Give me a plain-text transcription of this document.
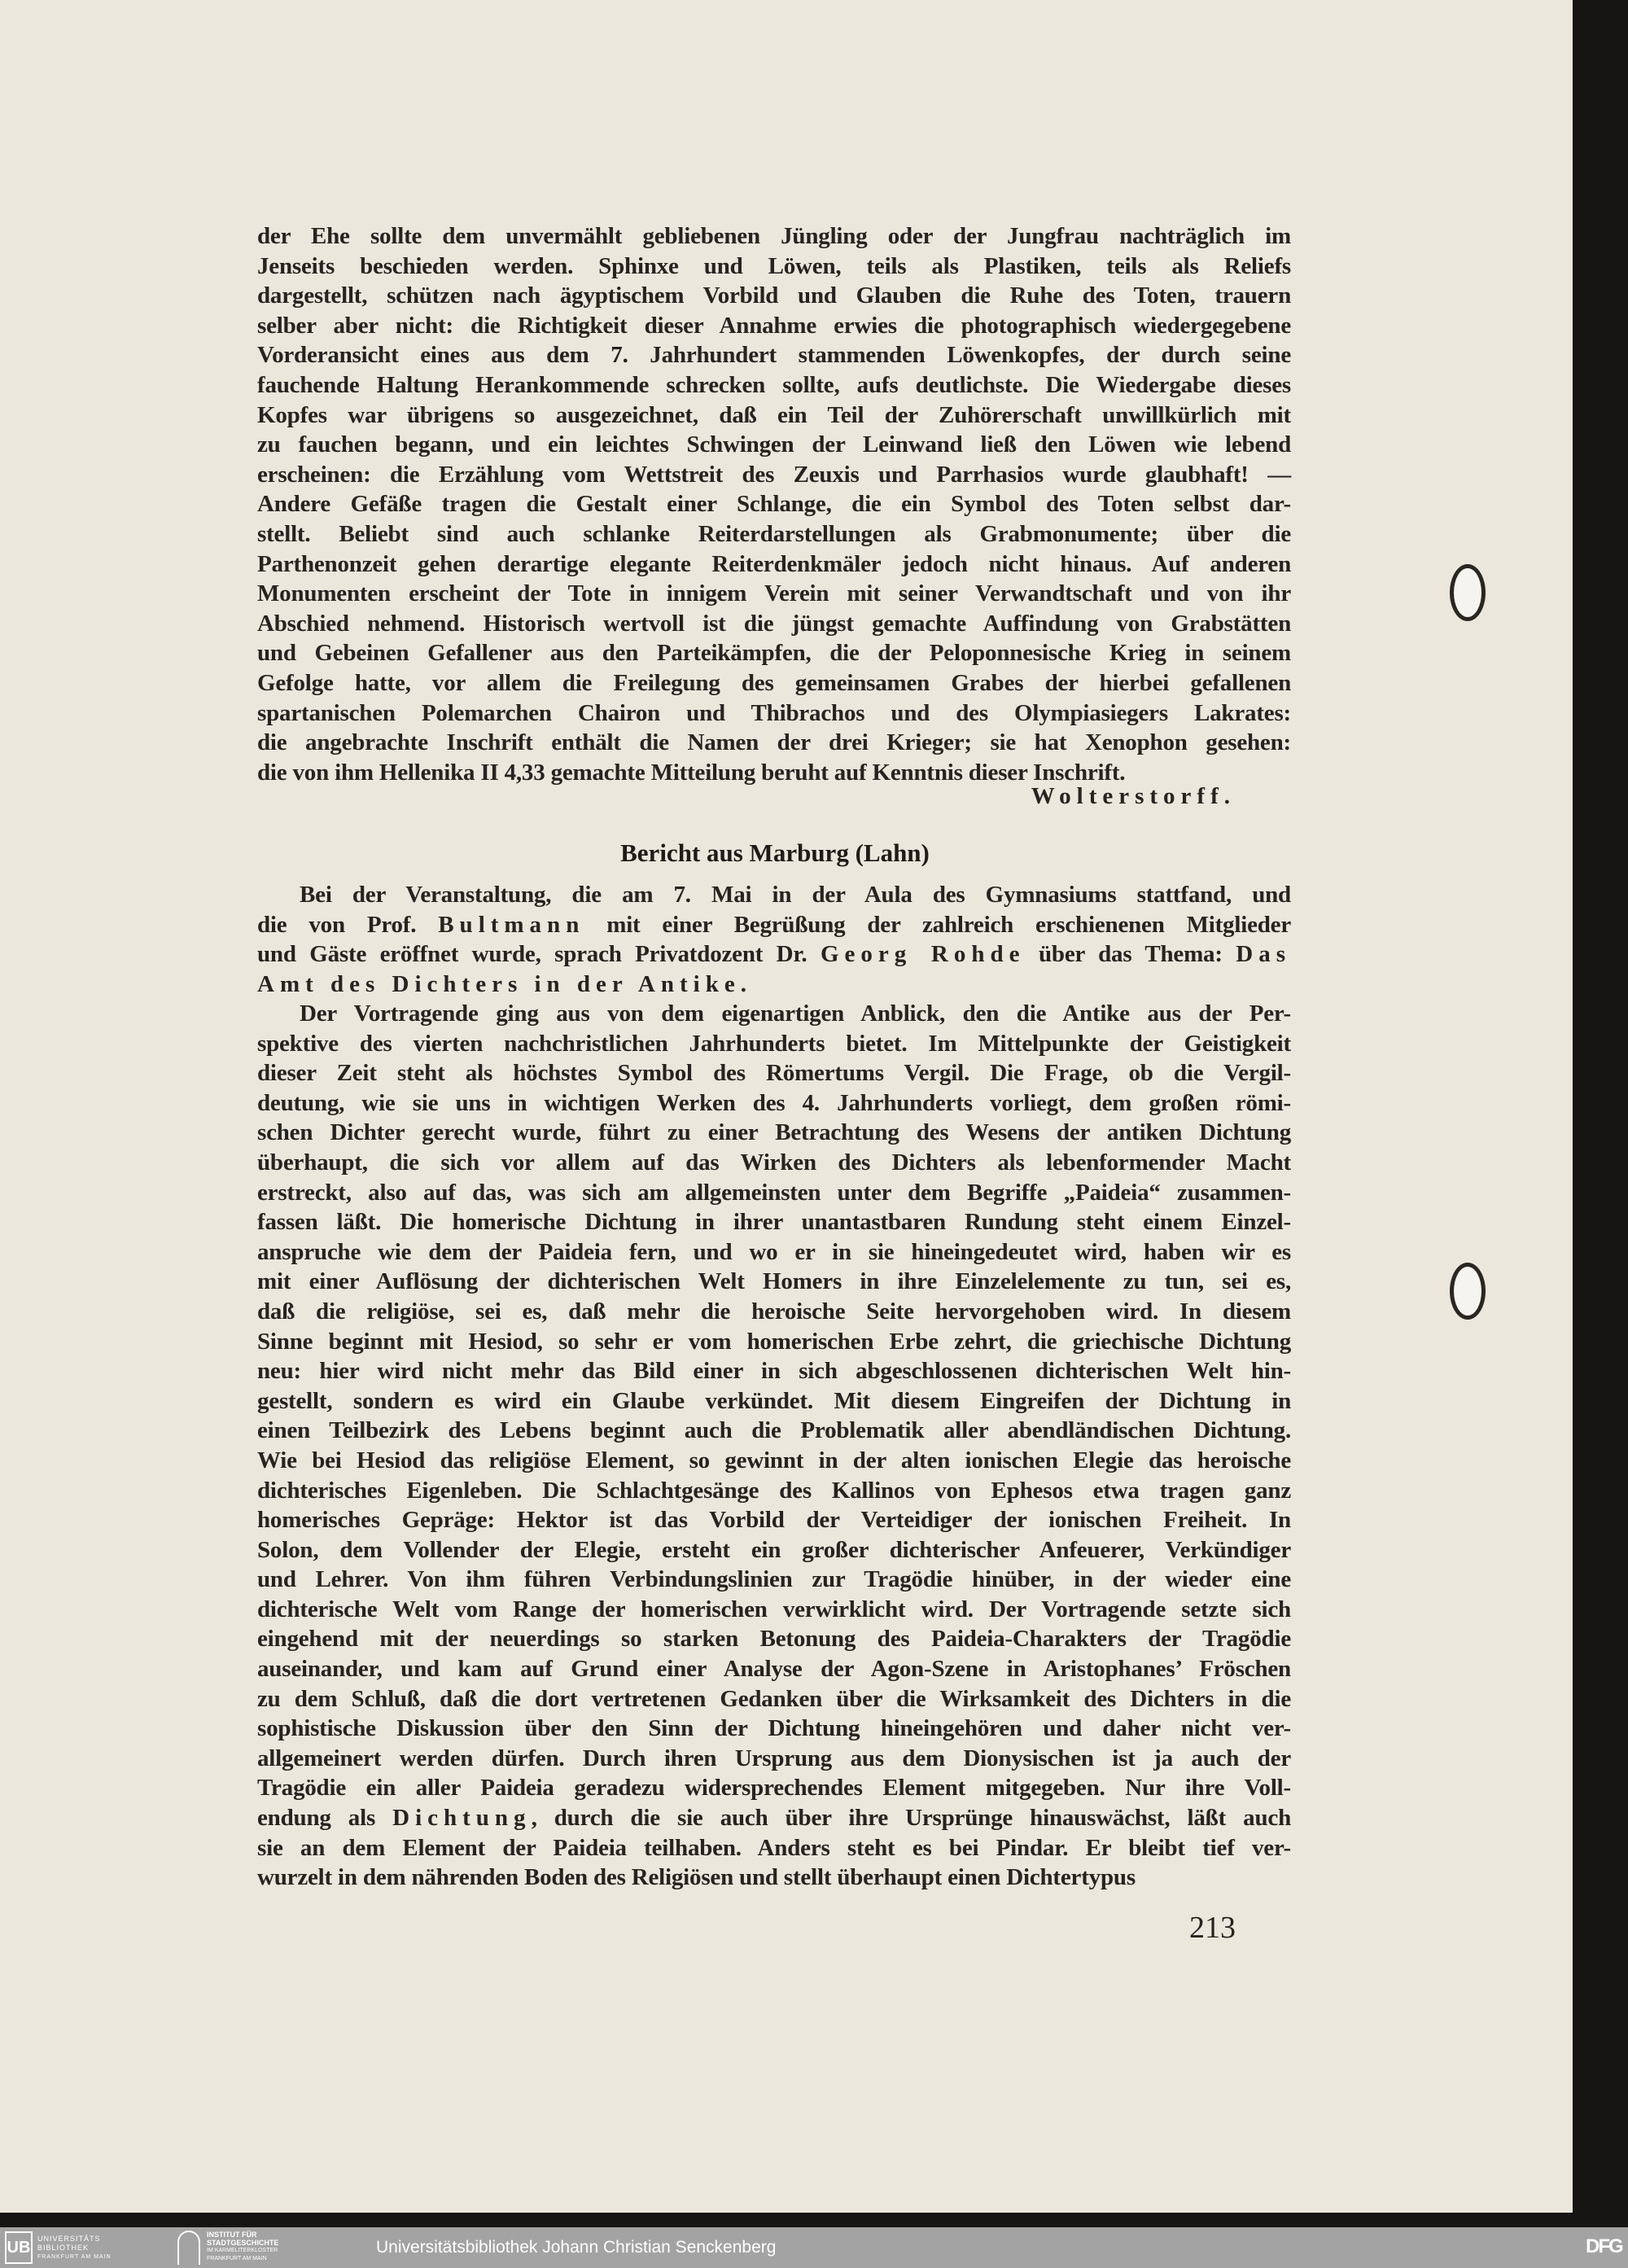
der Ehe sollte dem unvermählt gebliebenen Jüngling oder der Jungfrau nachträglich im
Jenseits beschieden werden. Sphinxe und Löwen, teils als Plastiken, teils als Reliefs
dargestellt, schützen nach ägyptischem Vorbild und Glauben die Ruhe des Toten, trauern
selber aber nicht: die Richtigkeit dieser Annahme erwies die photographisch wiedergegebene
Vorderansicht eines aus dem 7. Jahrhundert stammenden Löwenkopfes, der durch seine
fauchende Haltung Herankommende schrecken sollte, aufs deutlichste. Die Wiedergabe dieses
Kopfes war übrigens so ausgezeichnet, daß ein Teil der Zuhörerschaft unwillkürlich mit
zu fauchen begann, und ein leichtes Schwingen der Leinwand ließ den Löwen wie lebend
erscheinen: die Erzählung vom Wettstreit des Zeuxis und Parrhasios wurde glaubhaft! —
Andere Gefäße tragen die Gestalt einer Schlange, die ein Symbol des Toten selbst dar-
stellt. Beliebt sind auch schlanke Reiterdarstellungen als Grabmonumente; über die
Parthenonzeit gehen derartige elegante Reiterdenkmäler jedoch nicht hinaus. Auf anderen
Monumenten erscheint der Tote in innigem Verein mit seiner Verwandtschaft und von ihr
Abschied nehmend. Historisch wertvoll ist die jüngst gemachte Auffindung von Grabstätten
und Gebeinen Gefallener aus den Parteikämpfen, die der Peloponnesische Krieg in seinem
Gefolge hatte, vor allem die Freilegung des gemeinsamen Grabes der hierbei gefallenen
spartanischen Polemarchen Chairon und Thibrachos und des Olympiasiegers Lakrates:
die angebrachte Inschrift enthält die Namen der drei Krieger; sie hat Xenophon gesehen:
die von ihm Hellenika II 4,33 gemachte Mitteilung beruht auf Kenntnis dieser Inschrift.
Wolterstorff.
Bericht aus Marburg (Lahn)
Bei der Veranstaltung, die am 7. Mai in der Aula des Gymnasiums stattfand, und
die von Prof. Bultmann mit einer Begrüßung der zahlreich erschienenen Mitglieder
und Gäste eröffnet wurde, sprach Privatdozent Dr. Georg Rohde über das Thema: Das
Amt des Dichters in der Antike.
Der Vortragende ging aus von dem eigenartigen Anblick, den die Antike aus der Per-
spektive des vierten nachchristlichen Jahrhunderts bietet. Im Mittelpunkte der Geistigkeit
dieser Zeit steht als höchstes Symbol des Römertums Vergil. Die Frage, ob die Vergil-
deutung, wie sie uns in wichtigen Werken des 4. Jahrhunderts vorliegt, dem großen römi-
schen Dichter gerecht wurde, führt zu einer Betrachtung des Wesens der antiken Dichtung
überhaupt, die sich vor allem auf das Wirken des Dichters als lebenformender Macht
erstreckt, also auf das, was sich am allgemeinsten unter dem Begriffe „Paideia“ zusammen-
fassen läßt. Die homerische Dichtung in ihrer unantastbaren Rundung steht einem Einzel-
anspruche wie dem der Paideia fern, und wo er in sie hineingedeutet wird, haben wir es
mit einer Auflösung der dichterischen Welt Homers in ihre Einzelelemente zu tun, sei es,
daß die religiöse, sei es, daß mehr die heroische Seite hervorgehoben wird. In diesem
Sinne beginnt mit Hesiod, so sehr er vom homerischen Erbe zehrt, die griechische Dichtung
neu: hier wird nicht mehr das Bild einer in sich abgeschlossenen dichterischen Welt hin-
gestellt, sondern es wird ein Glaube verkündet. Mit diesem Eingreifen der Dichtung in
einen Teilbezirk des Lebens beginnt auch die Problematik aller abendländischen Dichtung.
Wie bei Hesiod das religiöse Element, so gewinnt in der alten ionischen Elegie das heroische
dichterisches Eigenleben. Die Schlachtgesänge des Kallinos von Ephesos etwa tragen ganz
homerisches Gepräge: Hektor ist das Vorbild der Verteidiger der ionischen Freiheit. In
Solon, dem Vollender der Elegie, ersteht ein großer dichterischer Anfeuerer, Verkündiger
und Lehrer. Von ihm führen Verbindungslinien zur Tragödie hinüber, in der wieder eine
dichterische Welt vom Range der homerischen verwirklicht wird. Der Vortragende setzte sich
eingehend mit der neuerdings so starken Betonung des Paideia-Charakters der Tragödie
auseinander, und kam auf Grund einer Analyse der Agon-Szene in Aristophanes’ Fröschen
zu dem Schluß, daß die dort vertretenen Gedanken über die Wirksamkeit des Dichters in die
sophistische Diskussion über den Sinn der Dichtung hineingehören und daher nicht ver-
allgemeinert werden dürfen. Durch ihren Ursprung aus dem Dionysischen ist ja auch der
Tragödie ein aller Paideia geradezu widersprechendes Element mitgegeben. Nur ihre Voll-
endung als Dichtung, durch die sie auch über ihre Ursprünge hinauswächst, läßt auch
sie an dem Element der Paideia teilhaben. Anders steht es bei Pindar. Er bleibt tief ver-
wurzelt in dem nährenden Boden des Religiösen und stellt überhaupt einen Dichtertypus
213
UB UNIVERSITÄTS
BIBLIOTHEK
FRANKFURT AM MAIN
INSTITUT FÜR
STADTGESCHICHTE
IM KARMELITERKLOSTER
FRANKFURT AM MAIN
Universitätsbibliothek Johann Christian Senckenberg	DFG
